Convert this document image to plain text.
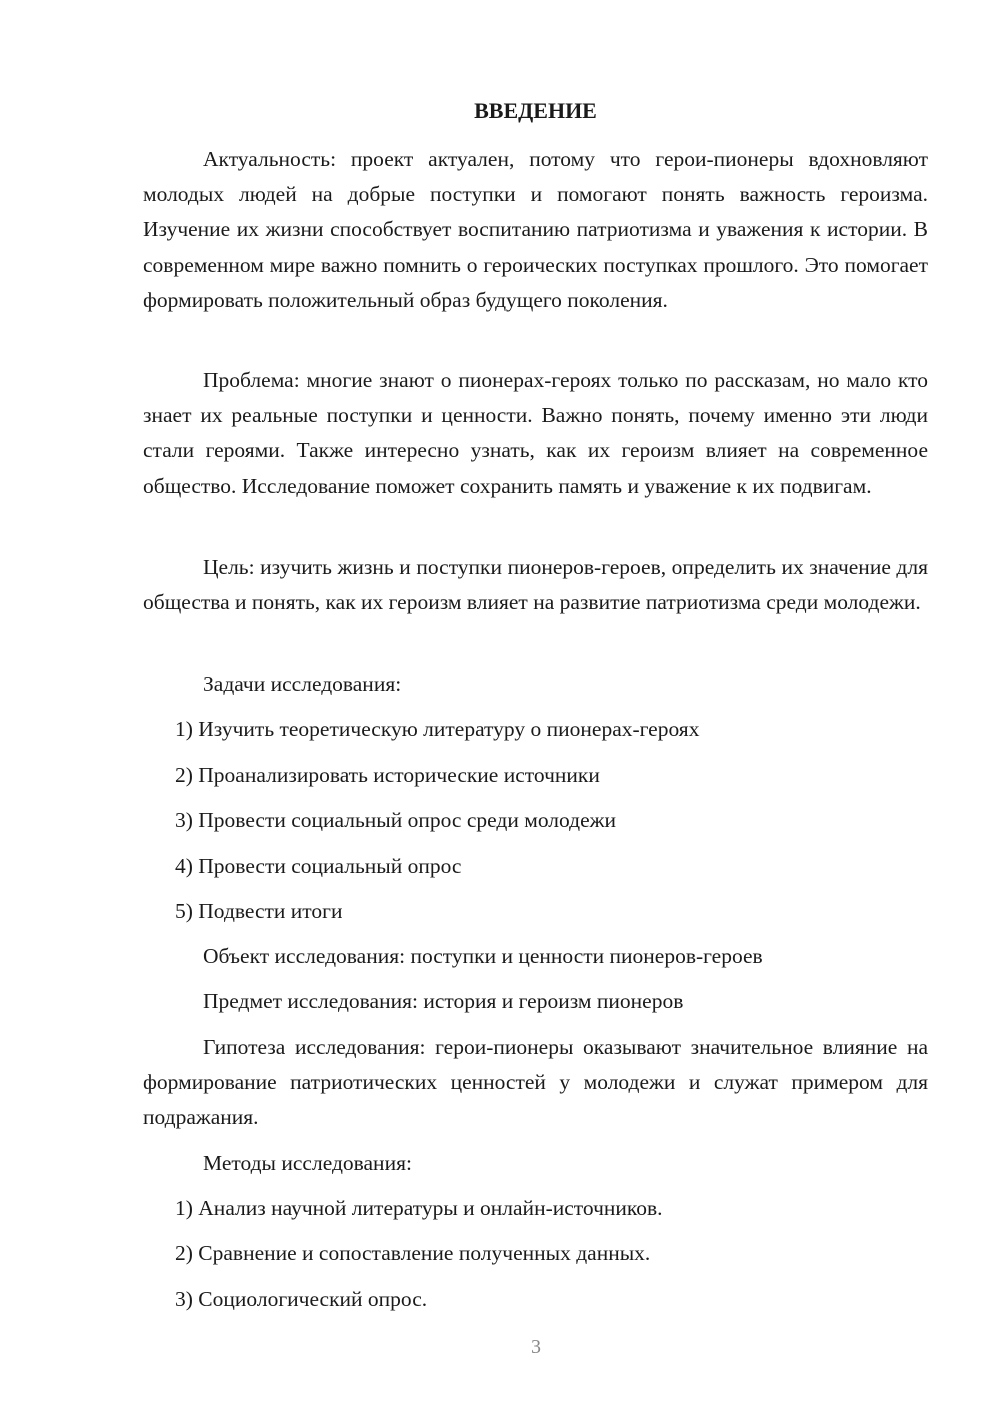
ВВЕДЕНИЕ

Актуальность: проект актуален, потому что герои-пионеры вдохновляют молодых людей на добрые поступки и помогают понять важность героизма. Изучение их жизни способствует воспитанию патриотизма и уважения к истории. В современном мире важно помнить о героических поступках прошлого. Это помогает формировать положительный образ будущего поколения.

Проблема: многие знают о пионерах-героях только по рассказам, но мало кто знает их реальные поступки и ценности. Важно понять, почему именно эти люди стали героями. Также интересно узнать, как их героизм влияет на современное общество. Исследование поможет сохранить память и уважение к их подвигам.

Цель: изучить жизнь и поступки пионеров-героев, определить их значение для общества и понять, как их героизм влияет на развитие патриотизма среди молодежи.

Задачи исследования:

1) Изучить теоретическую литературу о пионерах-героях

2) Проанализировать исторические источники

3) Провести социальный опрос среди молодежи

4) Провести социальный опрос

5) Подвести итоги

Объект исследования: поступки и ценности пионеров-героев

Предмет исследования: история и героизм пионеров

Гипотеза исследования: герои-пионеры оказывают значительное влияние на формирование патриотических ценностей у молодежи и служат примером для подражания.

Методы исследования:

1) Анализ научной литературы и онлайн-источников.

2) Сравнение и сопоставление полученных данных.

3) Социологический опрос.

3
